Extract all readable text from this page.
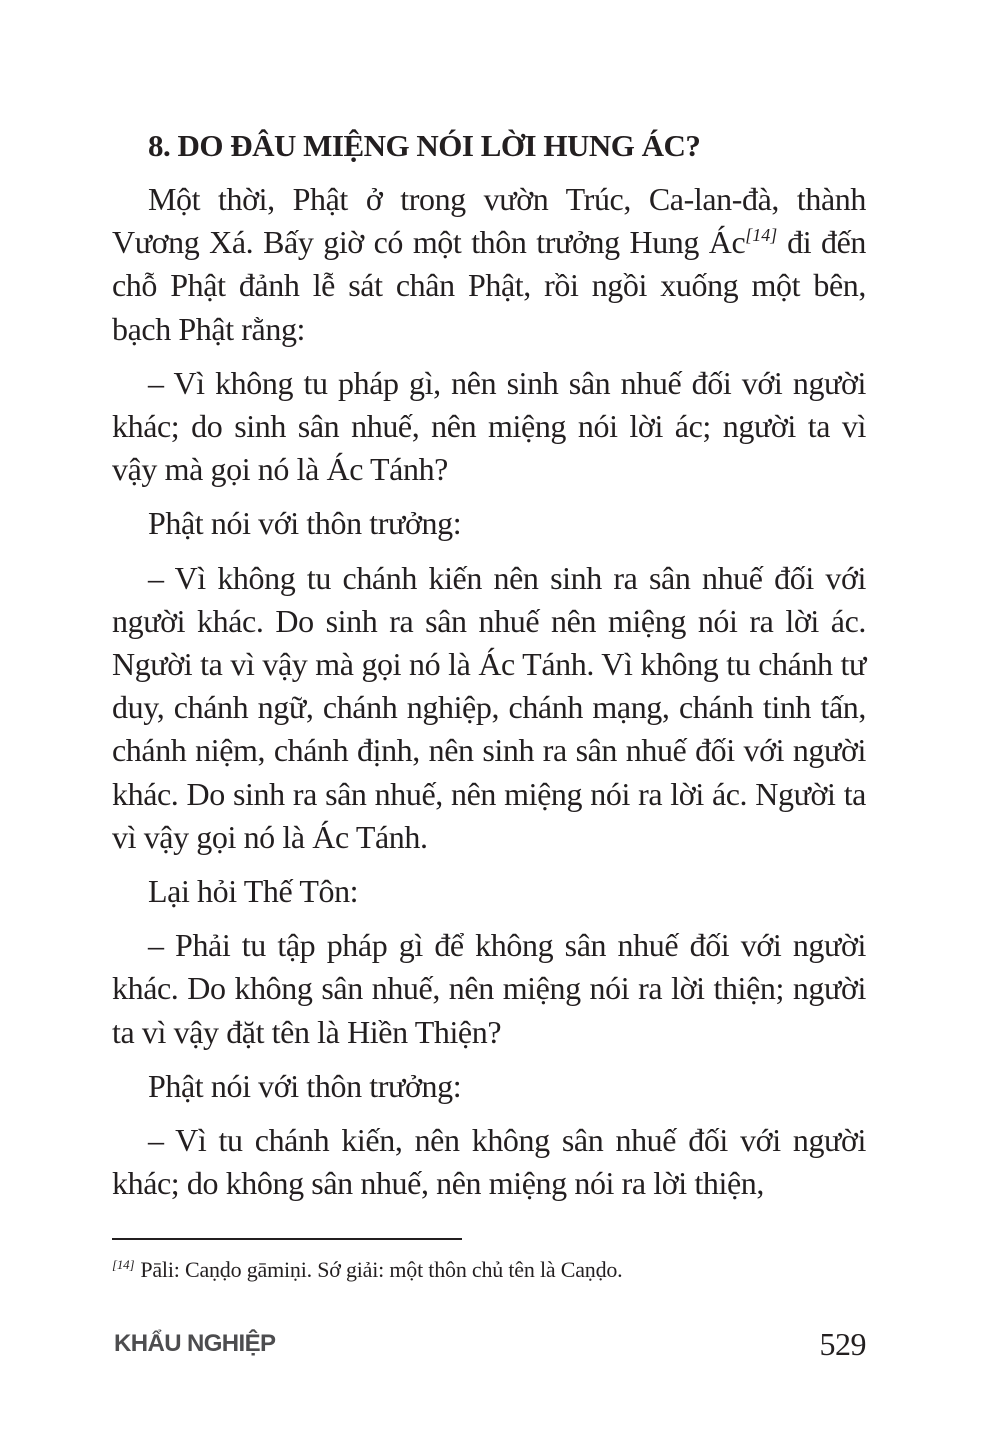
8. DO ĐÂU MIỆNG NÓI LỜI HUNG ÁC?

Một thời, Phật ở trong vườn Trúc, Ca-lan-đà, thành Vương Xá. Bấy giờ có một thôn trưởng Hung Ác[14] đi đến chỗ Phật đảnh lễ sát chân Phật, rồi ngồi xuống một bên, bạch Phật rằng:

– Vì không tu pháp gì, nên sinh sân nhuế đối với người khác; do sinh sân nhuế, nên miệng nói lời ác; người ta vì vậy mà gọi nó là Ác Tánh?

Phật nói với thôn trưởng:

– Vì không tu chánh kiến nên sinh ra sân nhuế đối với người khác. Do sinh ra sân nhuế nên miệng nói ra lời ác. Người ta vì vậy mà gọi nó là Ác Tánh. Vì không tu chánh tư duy, chánh ngữ, chánh nghiệp, chánh mạng, chánh tinh tấn, chánh niệm, chánh định, nên sinh ra sân nhuế đối với người khác. Do sinh ra sân nhuế, nên miệng nói ra lời ác. Người ta vì vậy gọi nó là Ác Tánh.

Lại hỏi Thế Tôn:

– Phải tu tập pháp gì để không sân nhuế đối với người khác. Do không sân nhuế, nên miệng nói ra lời thiện; người ta vì vậy đặt tên là Hiền Thiện?

Phật nói với thôn trưởng:

– Vì tu chánh kiến, nên không sân nhuế đối với người khác; do không sân nhuế, nên miệng nói ra lời thiện,

[14] Pāli: Caṇḍo gāmiṇi. Sớ giải: một thôn chủ tên là Caṇḍo.
KHẨU NGHIỆP	529
